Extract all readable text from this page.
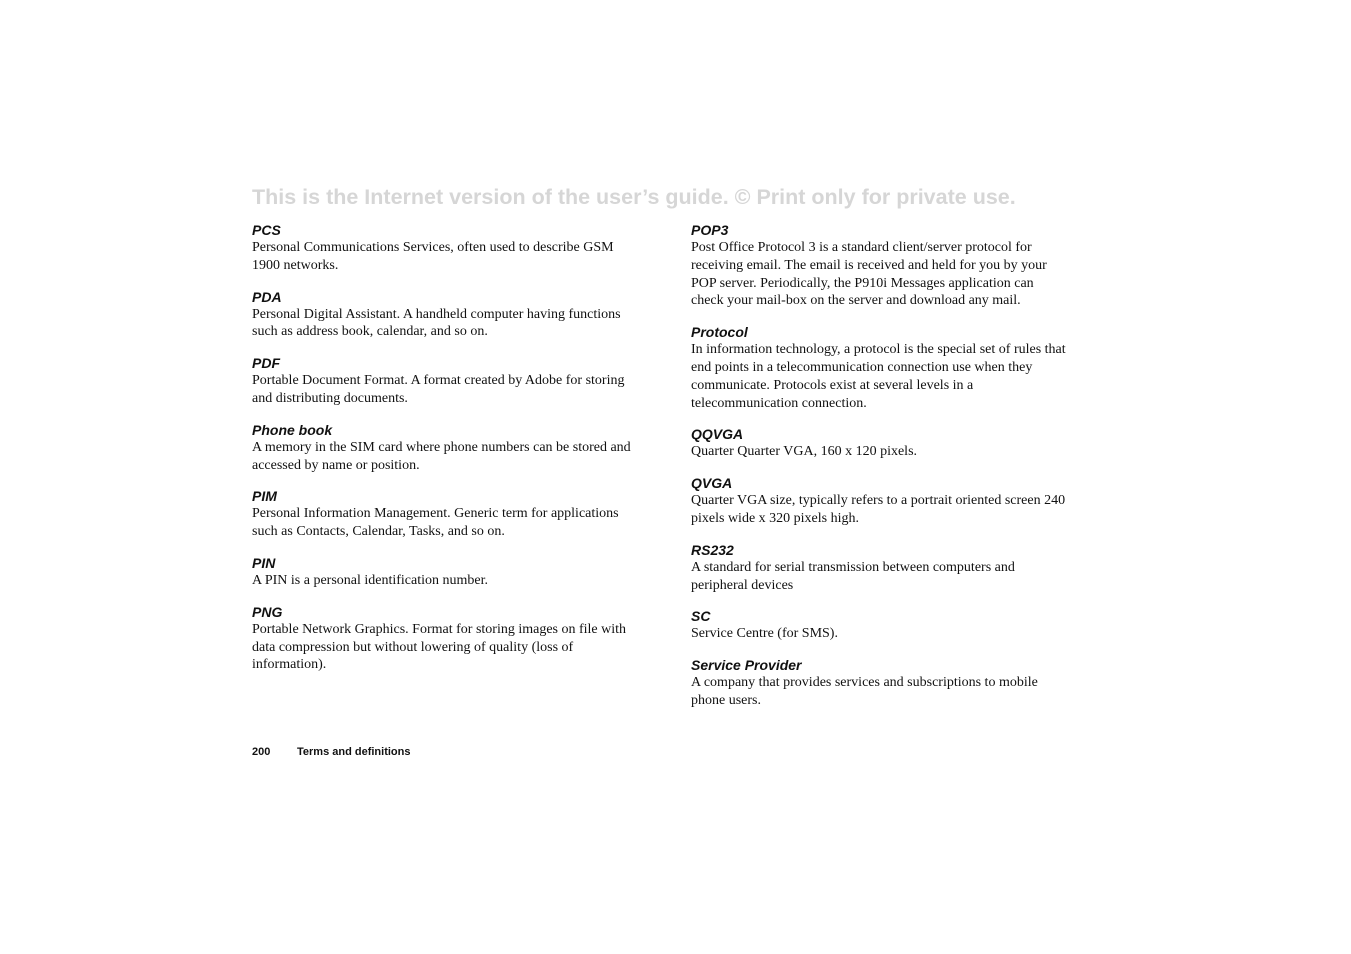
This is the Internet version of the user’s guide. © Print only for private use.

PCS

Personal Communications Services, often used to describe GSM 1900 networks.

PDA

Personal Digital Assistant. A handheld computer having functions such as address book, calendar, and so on.

PDF

Portable Document Format. A format created by Adobe for storing and distributing documents.

Phone book

A memory in the SIM card where phone numbers can be stored and accessed by name or position.

PIM

Personal Information Management. Generic term for applications such as Contacts, Calendar, Tasks, and so on.

PIN

A PIN is a personal identification number.

PNG

Portable Network Graphics. Format for storing images on file with data compression but without lowering of quality (loss of information).

POP3

Post Office Protocol 3 is a standard client/server protocol for receiving email. The email is received and held for you by your POP server. Periodically, the P910i Messages application can check your mail-box on the server and download any mail.

Protocol

In information technology, a protocol is the special set of rules that end points in a telecommunication connection use when they communicate. Protocols exist at several levels in a telecommunication connection.

QQVGA

Quarter Quarter VGA, 160 x 120 pixels.

QVGA

Quarter VGA size, typically refers to a portrait oriented screen 240 pixels wide x 320 pixels high.

RS232

A standard for serial transmission between computers and peripheral devices

SC

Service Centre (for SMS).

Service Provider

A company that provides services and subscriptions to mobile phone users.

200 Terms and definitions
